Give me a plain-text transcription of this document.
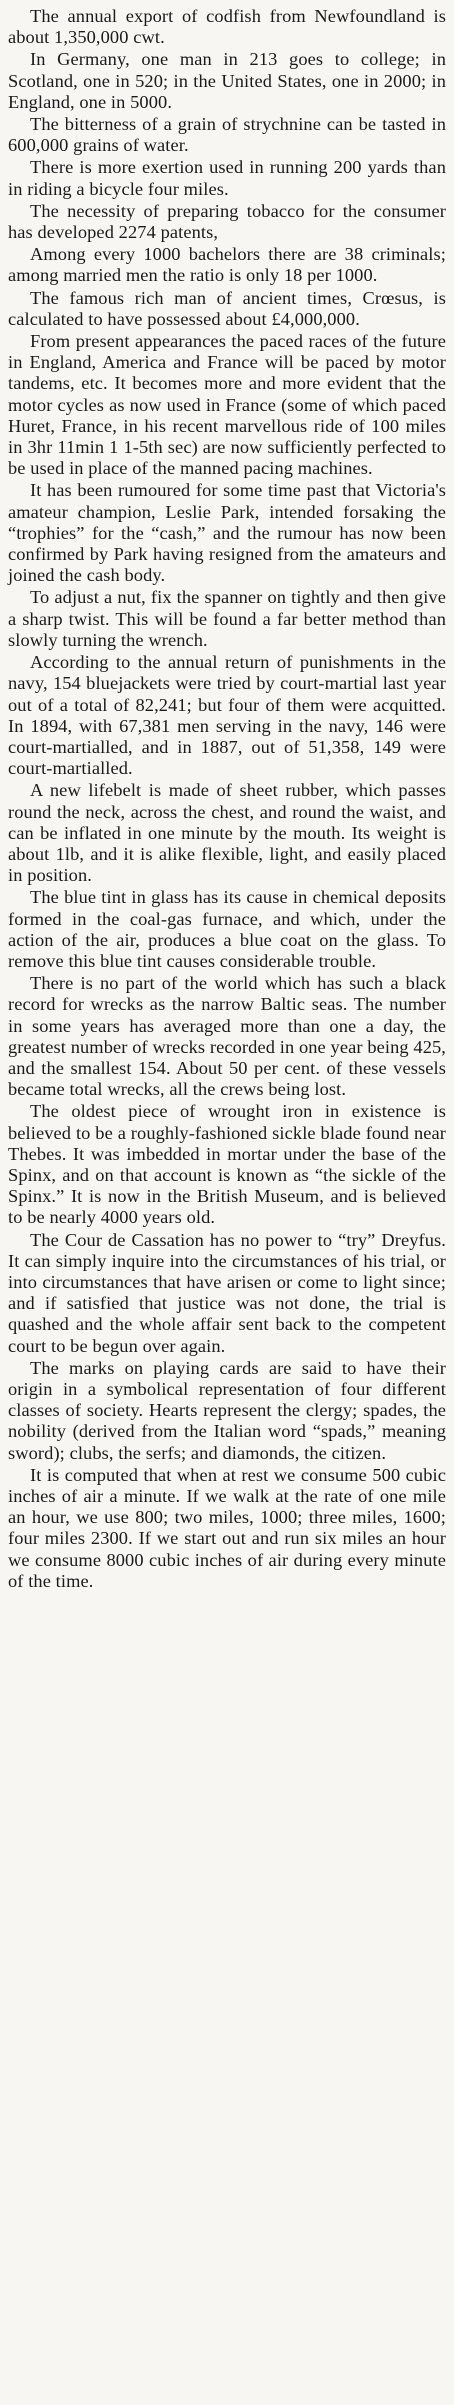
The annual export of codfish from Newfoundland is about 1,350,000 cwt.

In Germany, one man in 213 goes to college; in Scotland, one in 520; in the United States, one in 2000; in England, one in 5000.

The bitterness of a grain of strychnine can be tasted in 600,000 grains of water.

There is more exertion used in running 200 yards than in riding a bicycle four miles.

The necessity of preparing tobacco for the consumer has developed 2274 patents,

Among every 1000 bachelors there are 38 criminals; among married men the ratio is only 18 per 1000.

The famous rich man of ancient times, Crœsus, is calculated to have possessed about £4,000,000.

From present appearances the paced races of the future in England, America and France will be paced by motor tandems, etc. It becomes more and more evident that the motor cycles as now used in France (some of which paced Huret, France, in his recent marvellous ride of 100 miles in 3hr 11min 1 1-5th sec) are now sufficiently perfected to be used in place of the manned pacing machines.

It has been rumoured for some time past that Victoria's amateur champion, Leslie Park, intended forsaking the “trophies” for the “cash,” and the rumour has now been confirmed by Park having resigned from the amateurs and joined the cash body.

To adjust a nut, fix the spanner on tightly and then give a sharp twist. This will be found a far better method than slowly turning the wrench.

According to the annual return of punishments in the navy, 154 bluejackets were tried by court-martial last year out of a total of 82,241; but four of them were acquitted. In 1894, with 67,381 men serving in the navy, 146 were court-martialled, and in 1887, out of 51,358, 149 were court-martialled.

A new lifebelt is made of sheet rubber, which passes round the neck, across the chest, and round the waist, and can be inflated in one minute by the mouth. Its weight is about 1lb, and it is alike flexible, light, and easily placed in position.

The blue tint in glass has its cause in chemical deposits formed in the coal-gas furnace, and which, under the action of the air, produces a blue coat on the glass. To remove this blue tint causes considerable trouble.

There is no part of the world which has such a black record for wrecks as the narrow Baltic seas. The number in some years has averaged more than one a day, the greatest number of wrecks recorded in one year being 425, and the smallest 154. About 50 per cent. of these vessels became total wrecks, all the crews being lost.

The oldest piece of wrought iron in existence is believed to be a roughly-fashioned sickle blade found near Thebes. It was imbedded in mortar under the base of the Spinx, and on that account is known as “the sickle of the Spinx.” It is now in the British Museum, and is believed to be nearly 4000 years old.

The Cour de Cassation has no power to “try” Dreyfus. It can simply inquire into the circumstances of his trial, or into circumstances that have arisen or come to light since; and if satisfied that justice was not done, the trial is quashed and the whole affair sent back to the competent court to be begun over again.

The marks on playing cards are said to have their origin in a symbolical representation of four different classes of society. Hearts represent the clergy; spades, the nobility (derived from the Italian word “spads,” meaning sword); clubs, the serfs; and diamonds, the citizen.

It is computed that when at rest we consume 500 cubic inches of air a minute. If we walk at the rate of one mile an hour, we use 800; two miles, 1000; three miles, 1600; four miles 2300. If we start out and run six miles an hour we consume 8000 cubic inches of air during every minute of the time.
